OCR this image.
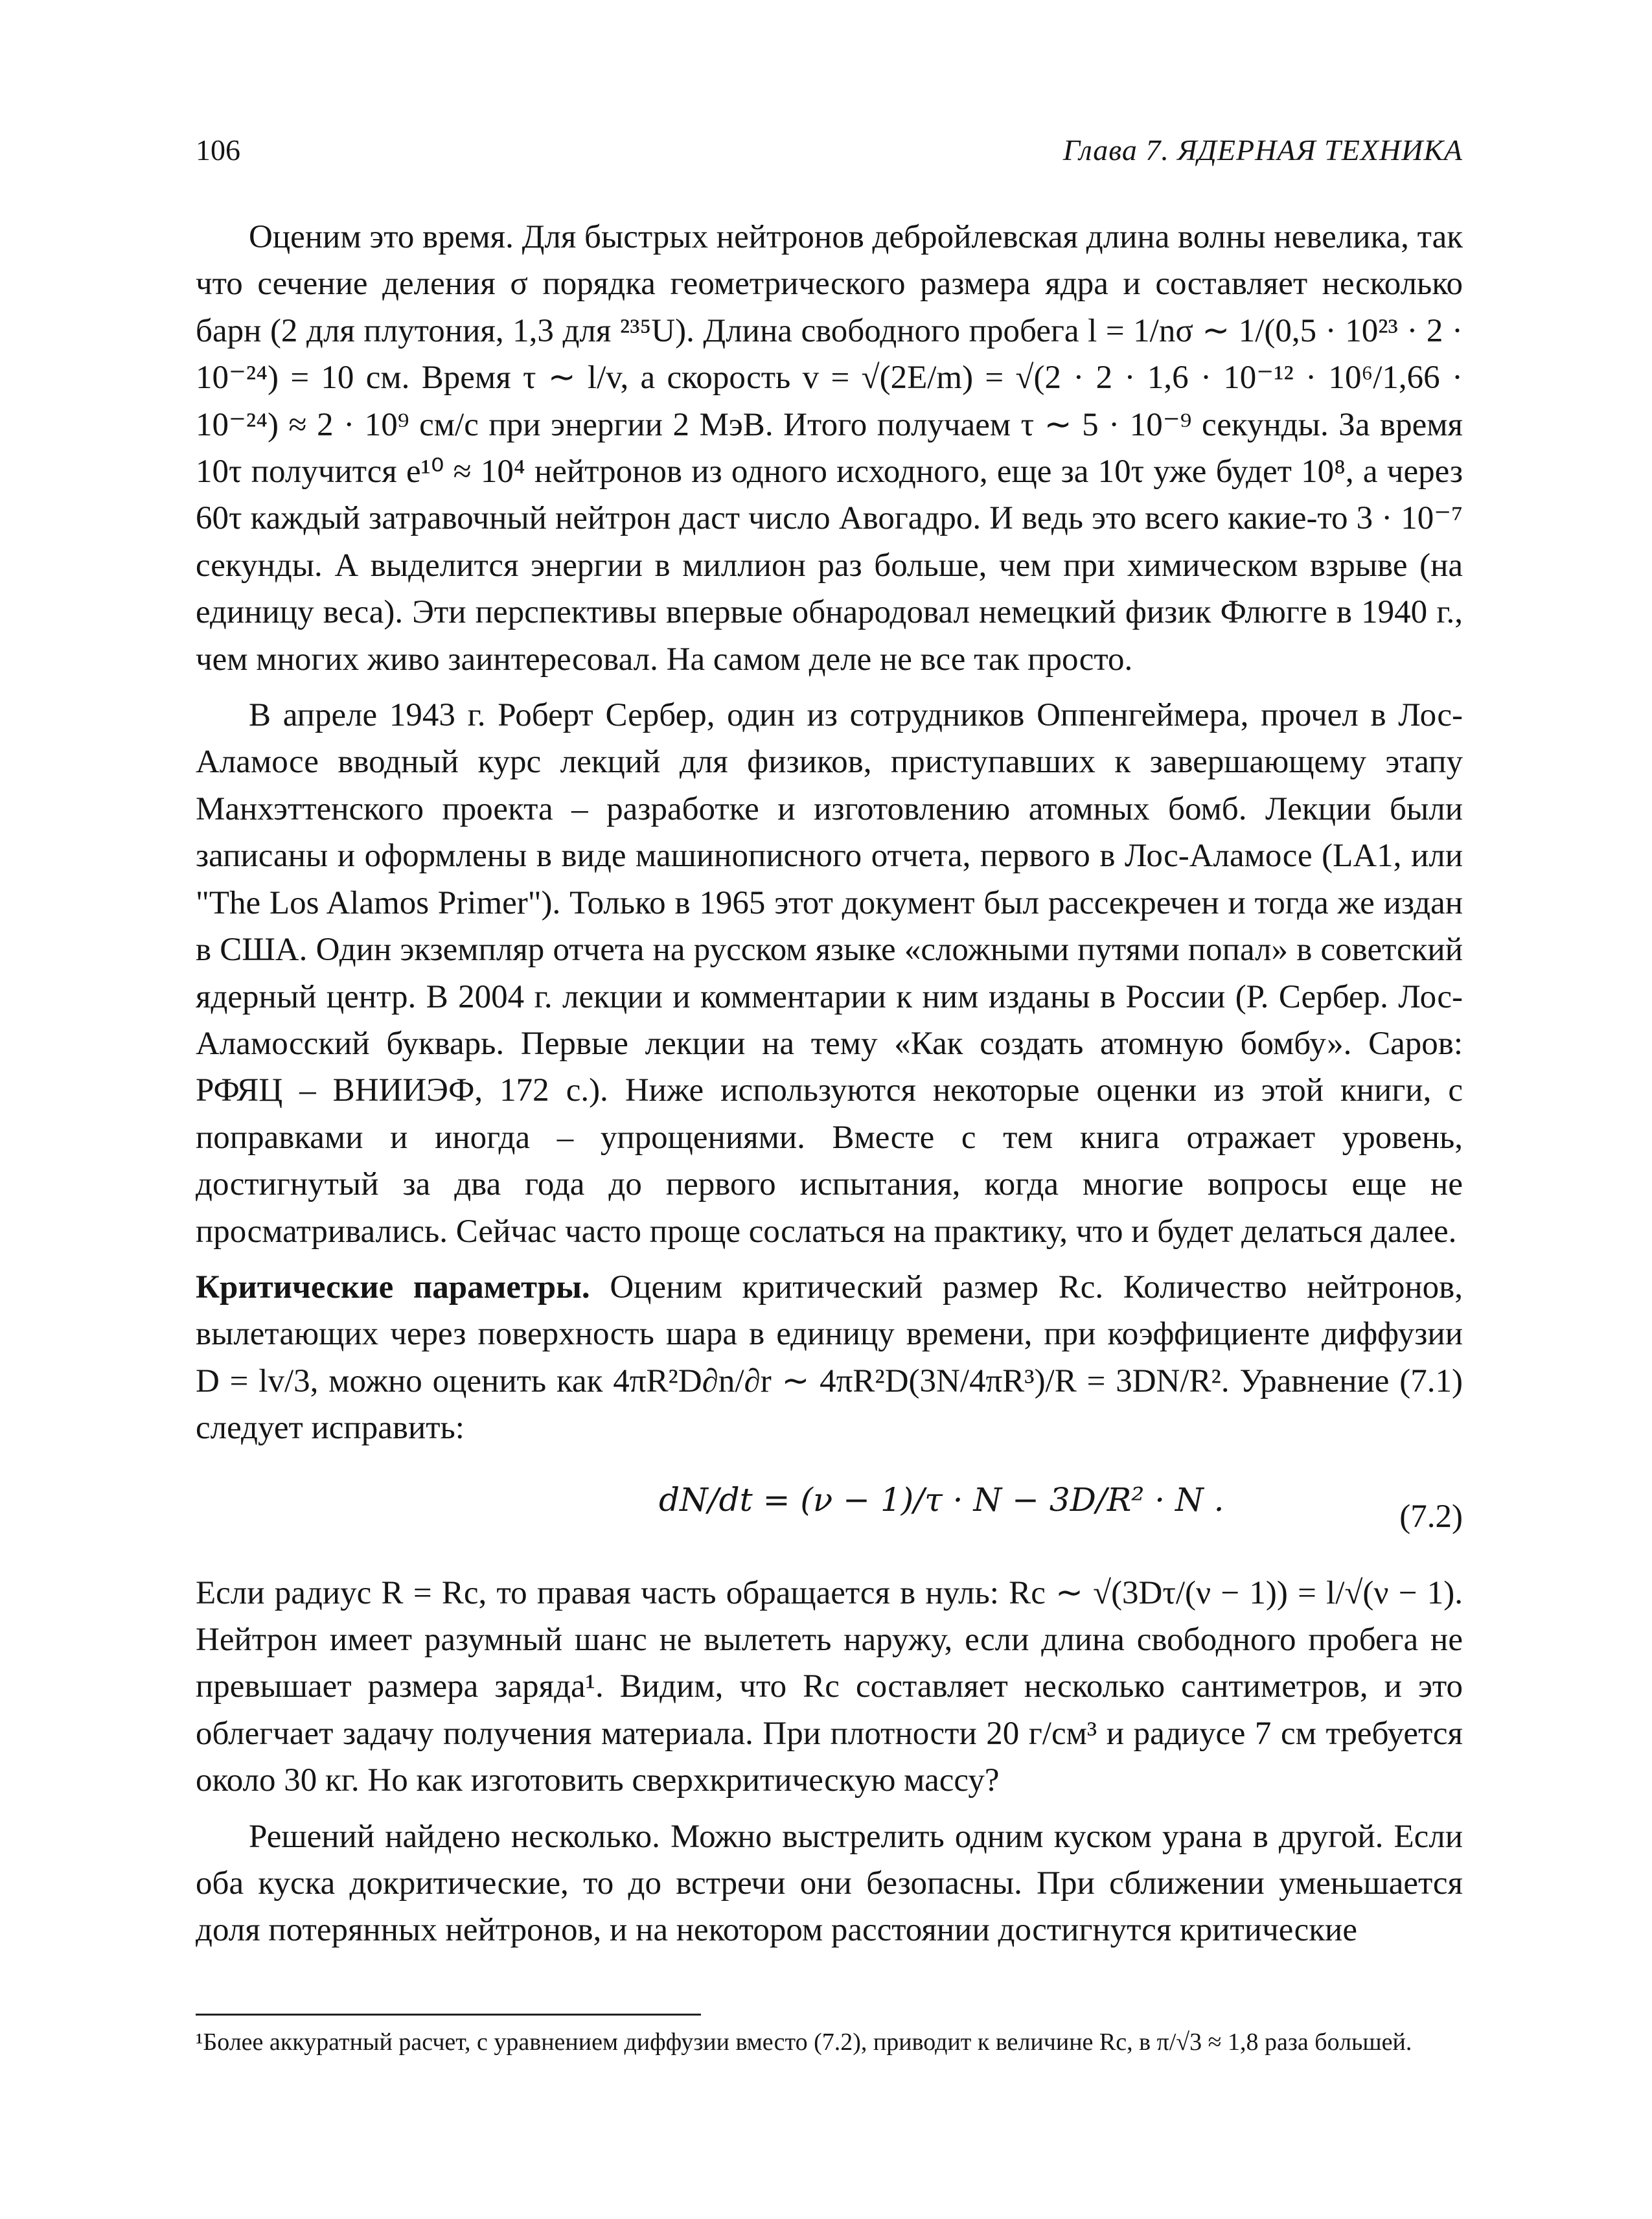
106	Глава 7. ЯДЕРНАЯ ТЕХНИКА

Оценим это время. Для быстрых нейтронов дебройлевская длина волны невелика, так что сечение деления σ порядка геометрического размера ядра и составляет несколько барн (2 для плутония, 1,3 для ²³⁵U). Длина свободного пробега l = 1/nσ ∼ 1/(0,5 · 10²³ · 2 · 10⁻²⁴) = 10 см. Время τ ∼ l/v, а скорость v = √(2E/m) = √(2 · 2 · 1,6 · 10⁻¹² · 10⁶/1,66 · 10⁻²⁴) ≈ 2 · 10⁹ см/с при энергии 2 МэВ. Итого получаем τ ∼ 5 · 10⁻⁹ секунды. За время 10τ получится e¹⁰ ≈ 10⁴ нейтронов из одного исходного, еще за 10τ уже будет 10⁸, а через 60τ каждый затравочный нейтрон даст число Авогадро. И ведь это всего какие-то 3 · 10⁻⁷ секунды. А выделится энергии в миллион раз больше, чем при химическом взрыве (на единицу веса). Эти перспективы впервые обнародовал немецкий физик Флюгге в 1940 г., чем многих живо заинтересовал. На самом деле не все так просто.

В апреле 1943 г. Роберт Сербер, один из сотрудников Оппенгеймера, прочел в Лос-Аламосе вводный курс лекций для физиков, приступавших к завершающему этапу Манхэттенского проекта – разработке и изготовлению атомных бомб. Лекции были записаны и оформлены в виде машинописного отчета, первого в Лос-Аламосе (LA1, или "The Los Alamos Primer"). Только в 1965 этот документ был рассекречен и тогда же издан в США. Один экземпляр отчета на русском языке «сложными путями попал» в советский ядерный центр. В 2004 г. лекции и комментарии к ним изданы в России (Р. Сербер. Лос-Аламосский букварь. Первые лекции на тему «Как создать атомную бомбу». Саров: РФЯЦ – ВНИИЭФ, 172 с.). Ниже используются некоторые оценки из этой книги, с поправками и иногда – упрощениями. Вместе с тем книга отражает уровень, достигнутый за два года до первого испытания, когда многие вопросы еще не просматривались. Сейчас часто проще сослаться на практику, что и будет делаться далее.

Критические параметры. Оценим критический размер Rc. Количество нейтронов, вылетающих через поверхность шара в единицу времени, при коэффициенте диффузии D = lv/3, можно оценить как 4πR²D∂n/∂r ∼ 4πR²D(3N/4πR³)/R = 3DN/R². Уравнение (7.1) следует исправить:

dN/dt = (ν − 1)/τ · N − 3D/R² · N .	(7.2)

Если радиус R = Rc, то правая часть обращается в нуль: Rc ∼ √(3Dτ/(ν − 1)) = l/√(ν − 1). Нейтрон имеет разумный шанс не вылететь наружу, если длина свободного пробега не превышает размера заряда¹. Видим, что Rc составляет несколько сантиметров, и это облегчает задачу получения материала. При плотности 20 г/см³ и радиусе 7 см требуется около 30 кг. Но как изготовить сверхкритическую массу?

Решений найдено несколько. Можно выстрелить одним куском урана в другой. Если оба куска докритические, то до встречи они безопасны. При сближении уменьшается доля потерянных нейтронов, и на некотором расстоянии достигнутся критические

¹Более аккуратный расчет, с уравнением диффузии вместо (7.2), приводит к величине Rc, в π/√3 ≈ 1,8 раза большей.
